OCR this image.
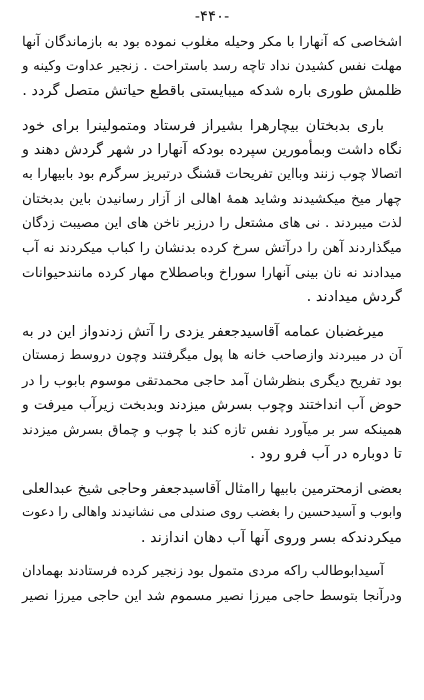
-۴۴۰-
اشخاصی که آنهارا با مکر وحیله مغلوب نموده بود به بازماندگان آنها
مهلت نفس کشیدن نداد تاچه رسد باستراحت . زنجیر عداوت وکینه و
ظلمش طوری باره شدکه میبایستی باقطع حیاتش متصل گردد .
باری بدبختان بیچارهرا بشیراز فرستاد ومتمولینرا برای خود
نگاه داشت وبمأمورین سپرده بودکه آنهارا در شهر گردش دهند و
اتصالا چوب زنند وبااین تفریحات قشنگ درتبریز سرگرم بود بابیهارا به
چهار میخ میکشیدند وشاید همهٔ اهالی از آزار رسانیدن باین بدبختان
لذت میبردند . نی های مشتعل را درزیر ناخن های این مصیبت زدگان
میگذاردند آهن را درآتش سرخ کرده بدنشان را کباب میکردند نه آب
میدادند نه نان بینی آنهارا سوراخ وباصطلاح مهار کرده مانندحیوانات
گردش میدادند .
میرغضبان عمامه آقاسیدجعفر یزدی را آتش زدندواز این در به
آن در میبردند وازصاحب خانه ها پول میگرفتند وچون دروسط زمستان
بود تفریح دیگری بنظرشان آمد حاجی محمدتقی موسوم بابوب را در
حوض آب انداختند وچوب بسرش میزدند وبدبخت زیرآب میرفت و
همینکه سر بر میآورد نفس تازه کند با چوب و چماق بسرش میزدند
تا دوباره در آب فرو رود .
بعضی ازمحترمین بابیها راامثال آقاسیدجعفر وحاجی شیخ عبدالعلی
وابوب و آسیدحسین را بغضب روی صندلی می نشانیدند واهالی را دعوت
میکردندکه بسر وروی آنها آب دهان اندازند .
آسیدابوطالب راکه مردی متمول بود زنجیر کرده فرستادند بهمادان
ودرآنجا بتوسط حاجی میرزا نصیر مسموم شد این حاجی میرزا نصیر
